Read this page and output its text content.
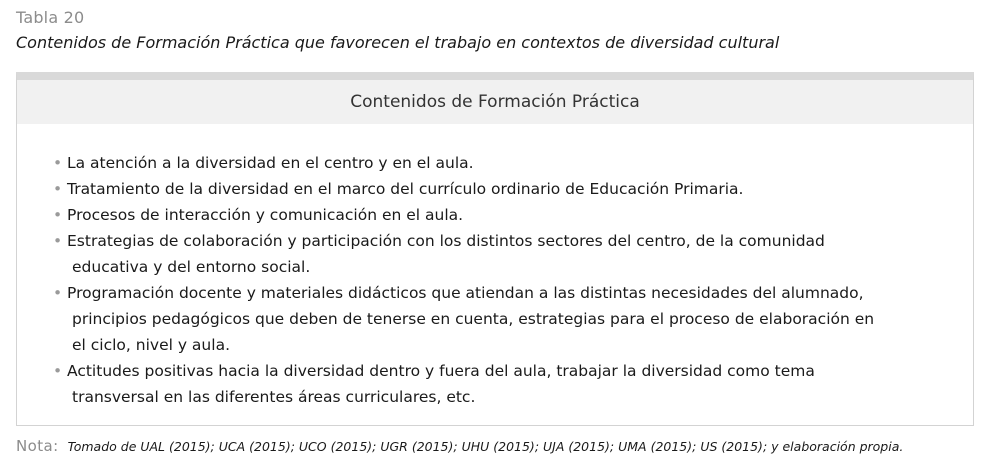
Tabla 20
Contenidos de Formación Práctica que favorecen el trabajo en contextos de diversidad cultural
Contenidos de Formación Práctica
• La atención a la diversidad en el centro y en el aula.
• Tratamiento de la diversidad en el marco del currículo ordinario de Educación Primaria.
• Procesos de interacción y comunicación en el aula.
• Estrategias de colaboración y participación con los distintos sectores del centro, de la comunidad
educativa y del entorno social.
• Programación docente y materiales didácticos que atiendan a las distintas necesidades del alumnado,
principios pedagógicos que deben de tenerse en cuenta, estrategias para el proceso de elaboración en
el ciclo, nivel y aula.
• Actitudes positivas hacia la diversidad dentro y fuera del aula, trabajar la diversidad como tema
transversal en las diferentes áreas curriculares, etc.
Nota: Tomado de UAL (2015); UCA (2015); UCO (2015); UGR (2015); UHU (2015); UJA (2015); UMA (2015); US (2015); y elaboración propia.
